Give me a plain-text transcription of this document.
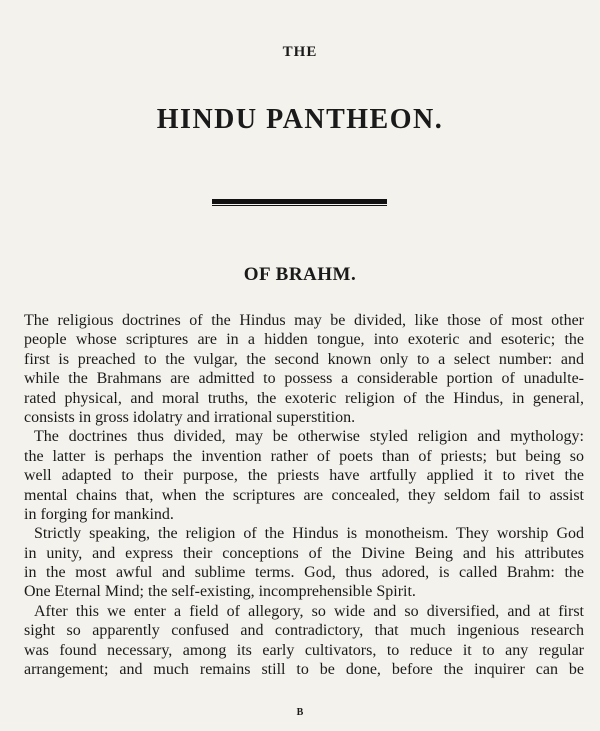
THE
HINDU PANTHEON.
OF BRAHM.
The religious doctrines of the Hindus may be divided, like those of most other
people whose scriptures are in a hidden tongue, into exoteric and esoteric; the
first is preached to the vulgar, the second known only to a select number: and
while the Brahmans are admitted to possess a considerable portion of unadulte-
rated physical, and moral truths, the exoteric religion of the Hindus, in general,
consists in gross idolatry and irrational superstition.
The doctrines thus divided, may be otherwise styled religion and mythology:
the latter is perhaps the invention rather of poets than of priests; but being so
well adapted to their purpose, the priests have artfully applied it to rivet the
mental chains that, when the scriptures are concealed, they seldom fail to assist
in forging for mankind.
Strictly speaking, the religion of the Hindus is monotheism. They worship God
in unity, and express their conceptions of the Divine Being and his attributes
in the most awful and sublime terms. God, thus adored, is called Brahm: the
One Eternal Mind; the self-existing, incomprehensible Spirit.
After this we enter a field of allegory, so wide and so diversified, and at first
sight so apparently confused and contradictory, that much ingenious research
was found necessary, among its early cultivators, to reduce it to any regular
arrangement; and much remains still to be done, before the inquirer can be
B
